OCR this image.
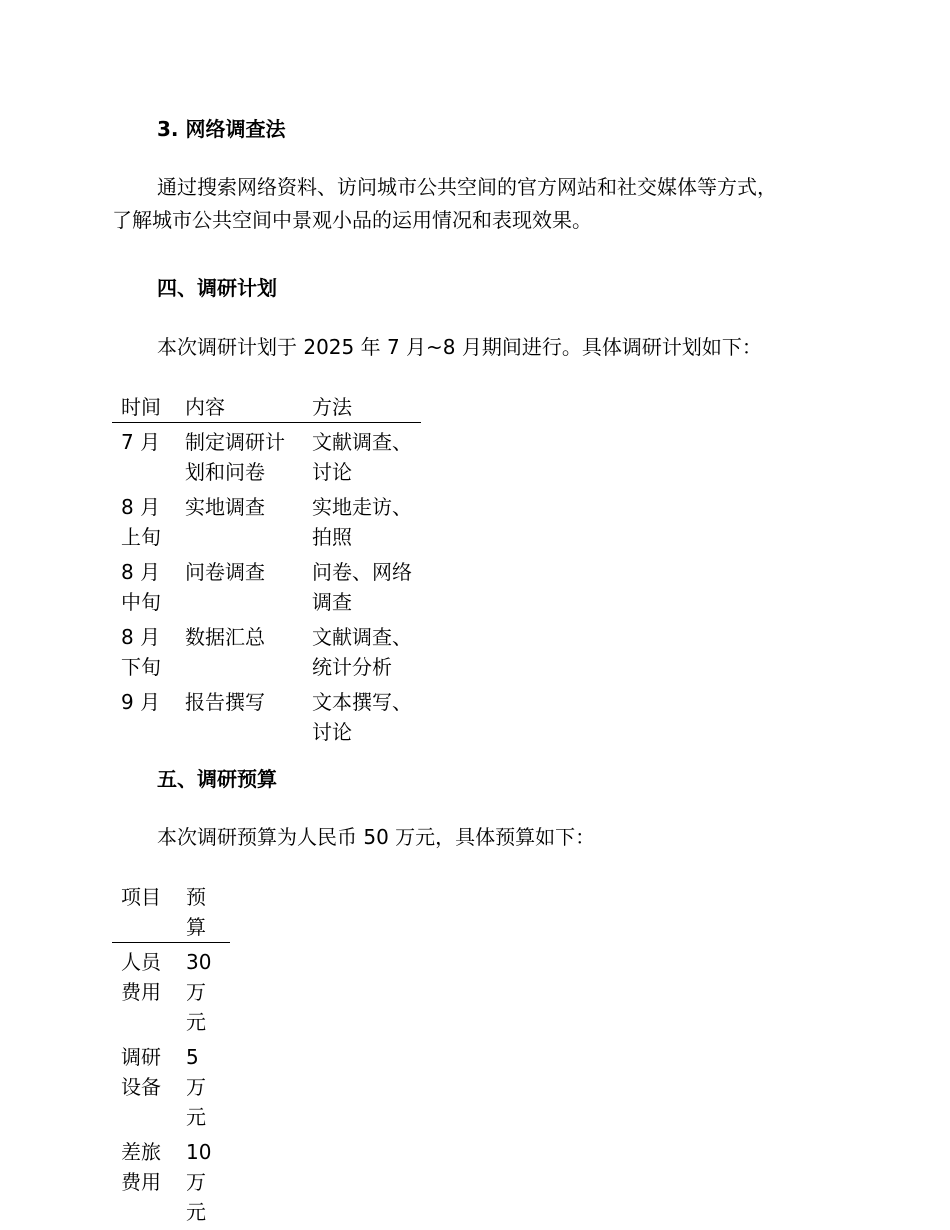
3. 网络调查法
通过搜索网络资料、访问城市公共空间的官方网站和社交媒体等方式，
了解城市公共空间中景观小品的运用情况和表现效果。
四、调研计划
本次调研计划于 2025 年 7 月~8 月期间进行。具体调研计划如下：
时间	内容	方法
7 月	制定调研计划和问卷	文献调查、讨论
8 月上旬	实地调查	实地走访、拍照
8 月中旬	问卷调查	问卷、网络调查
8 月下旬	数据汇总	文献调查、统计分析
9 月	报告撰写	文本撰写、讨论
五、调研预算
本次调研预算为人民币 50 万元，具体预算如下：
项目	预算
人员费用	30 万元
调研设备	5 万元
差旅费用	10 万元
